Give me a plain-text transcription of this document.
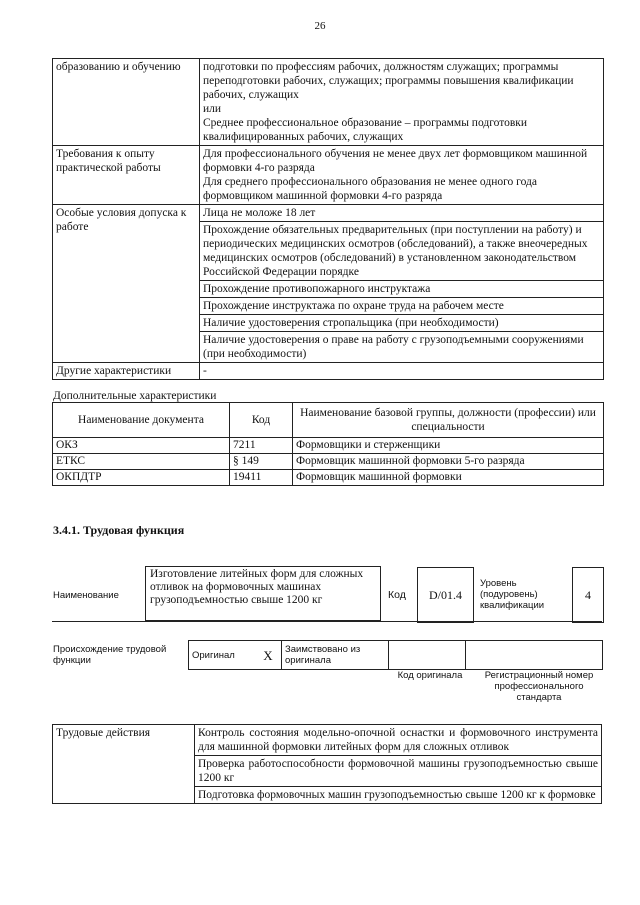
26
образованию и обучению	подготовки по профессиям рабочих, должностям служащих; программы переподготовки рабочих, служащих; программы повышения квалификации рабочих, служащих
или
Среднее профессиональное образование – программы подготовки квалифицированных рабочих, служащих

Требования к опыту практической работы	Для профессионального обучения не менее двух лет формовщиком машинной формовки 4-го разряда
Для среднего профессионального образования не менее одного года формовщиком машинной формовки 4-го разряда

Особые условия допуска к работе	Лица не моложе 18 лет
	Прохождение обязательных предварительных (при поступлении на работу) и периодических медицинских осмотров (обследований), а также внеочередных медицинских осмотров (обследований) в установленном законодательством Российской Федерации порядке
	Прохождение противопожарного инструктажа
	Прохождение инструктажа по охране труда на рабочем месте
	Наличие удостоверения стропальщика (при необходимости)
	Наличие удостоверения о праве на работу с грузоподъемными сооружениями (при необходимости)
Другие характеристики	-
Дополнительные характеристики
Наименование документа	Код	Наименование базовой группы, должности (профессии) или специальности
ОКЗ	7211	Формовщики и стерженщики
ЕТКС	§ 149	Формовщик машинной формовки 5-го разряда
ОКПДТР	19411	Формовщик машинной формовки
3.4.1. Трудовая функция
Наименование
Изготовление литейных форм для сложных отливок на формовочных машинах грузоподъемностью свыше 1200 кг	Код D/01.4
Уровень (подуровень) квалификации
4
Происхождение трудовой функции	Оригинал	X	Заимствовано из оригинала		
Код оригинала	Регистрационный номер профессионального стандарта
Трудовые действия	Контроль состояния модельно-опочной оснастки и формовочного инструмента для машинной формовки литейных форм для сложных отливок
Проверка работоспособности формовочной машины грузоподъемностью свыше 1200 кг
Подготовка формовочных машин грузоподъемностью свыше 1200 кг к формовке
